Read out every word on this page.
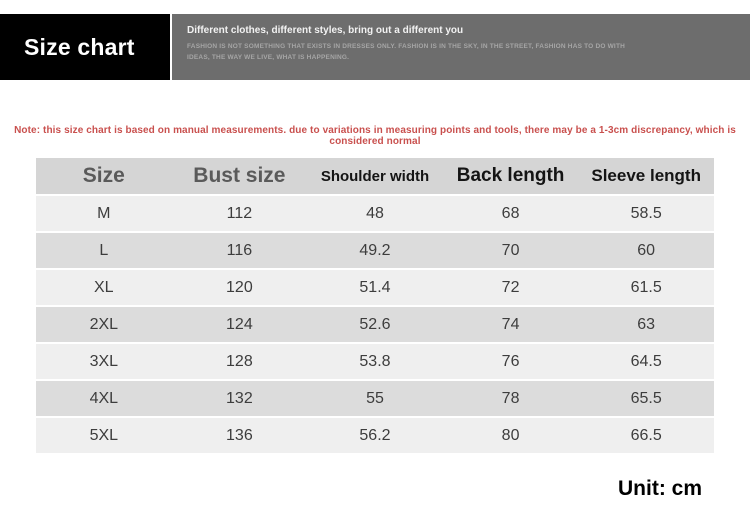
Size chart
Different clothes, different styles, bring out a different you
FASHION IS NOT SOMETHING THAT EXISTS IN DRESSES ONLY. FASHION IS IN THE SKY, IN THE STREET, FASHION HAS TO DO WITH IDEAS, THE WAY WE LIVE, WHAT IS HAPPENING.
Note: this size chart is based on manual measurements. due to variations in measuring points and tools, there may be a 1-3cm discrepancy, which is considered normal
Size	Bust size	Shoulder width	Back length	Sleeve length
M	112	48	68	58.5
L	116	49.2	70	60
XL	120	51.4	72	61.5
2XL	124	52.6	74	63
3XL	128	53.8	76	64.5
4XL	132	55	78	65.5
5XL	136	56.2	80	66.5
Unit: cm
